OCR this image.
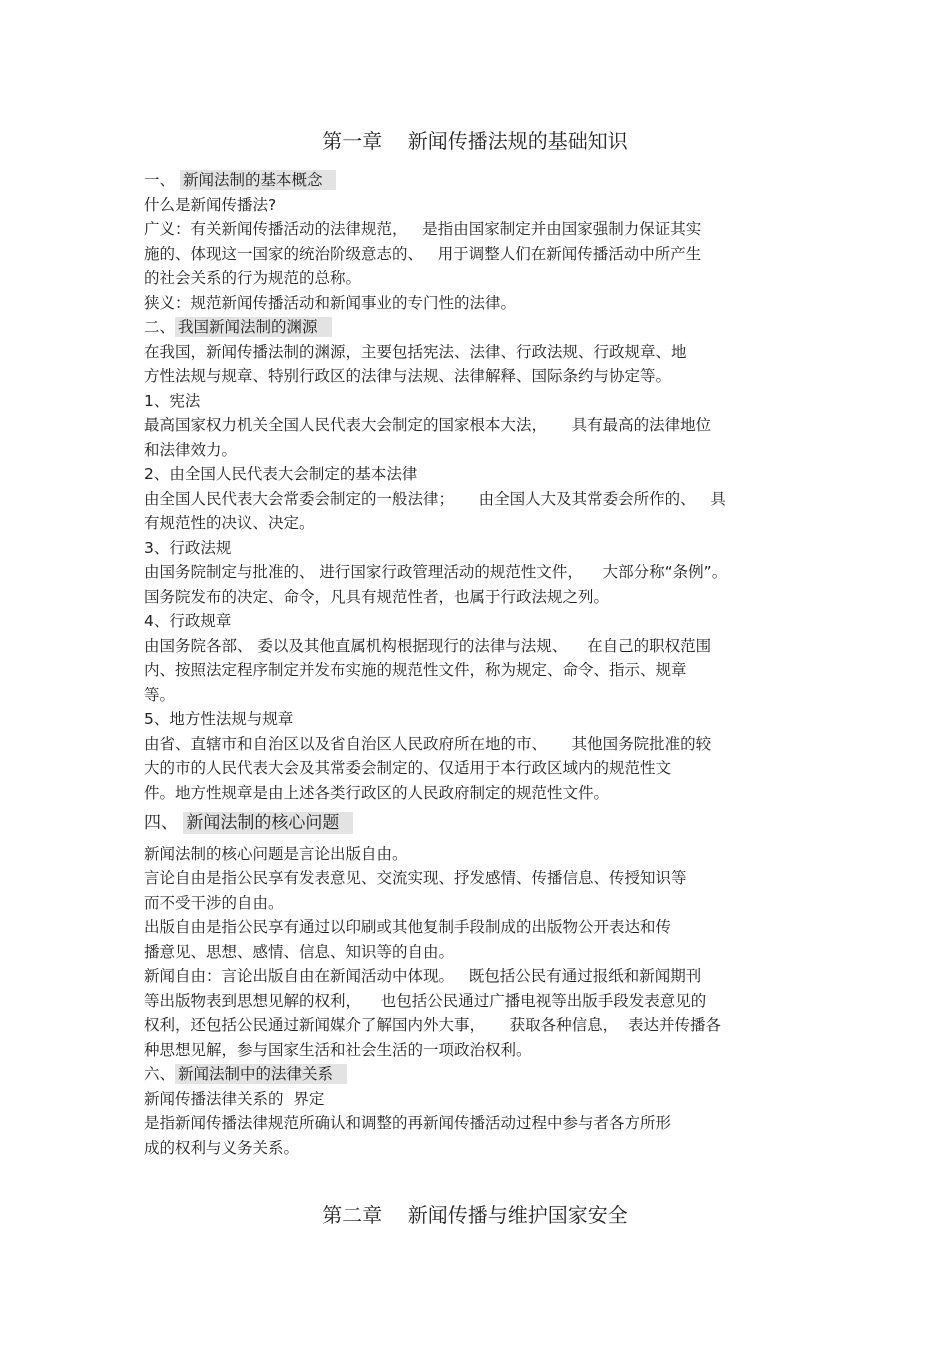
第一章    新闻传播法规的基础知识

一、 新闻法制的基本概念

什么是新闻传播法?

广义：有关新闻传播活动的法律规范，   是指由国家制定并由国家强制力保证其实

施的、体现这一国家的统治阶级意志的、   用于调整人们在新闻传播活动中所产生

的社会关系的行为规范的总称。

狭义：规范新闻传播活动和新闻事业的专门性的法律。

二、 我国新闻法制的渊源

在我国，新闻传播法制的渊源，主要包括宪法、法律、行政法规、行政规章、地

方性法规与规章、特别行政区的法律与法规、法律解释、国际条约与协定等。

1、宪法

最高国家权力机关全国人民代表大会制定的国家根本大法，     具有最高的法律地位

和法律效力。

2、由全国人民代表大会制定的基本法律

由全国人民代表大会常委会制定的一般法律；     由全国人大及其常委会所作的、   具

有规范性的决议、决定。

3、行政法规

由国务院制定与批准的、 进行国家行政管理活动的规范性文件，    大部分称“条例”。

国务院发布的决定、命令，凡具有规范性者，也属于行政法规之列。

4、行政规章

由国务院各部、 委以及其他直属机构根据现行的法律与法规、    在自己的职权范围

内、按照法定程序制定并发布实施的规范性文件，称为规定、命令、指示、规章

等。

5、地方性法规与规章

由省、直辖市和自治区以及省自治区人民政府所在地的市、     其他国务院批准的较

大的市的人民代表大会及其常委会制定的、仅适用于本行政区域内的规范性文

件。地方性规章是由上述各类行政区的人民政府制定的规范性文件。

四、 新闻法制的核心问题

新闻法制的核心问题是言论出版自由。

言论自由是指公民享有发表意见、交流实现、抒发感情、传播信息、传授知识等

而不受干涉的自由。

出版自由是指公民享有通过以印刷或其他复制手段制成的出版物公开表达和传

播意见、思想、感情、信息、知识等的自由。

新闻自由：言论出版自由在新闻活动中体现。   既包括公民有通过报纸和新闻期刊

等出版物表到思想见解的权利，    也包括公民通过广播电视等出版手段发表意见的

权利，还包括公民通过新闻媒介了解国内外大事，     获取各种信息，  表达并传播各

种思想见解，参与国家生活和社会生活的一项政治权利。

六、 新闻法制中的法律关系

新闻传播法律关系的  界定

是指新闻传播法律规范所确认和调整的再新闻传播活动过程中参与者各方所形

成的权利与义务关系。

第二章    新闻传播与维护国家安全
